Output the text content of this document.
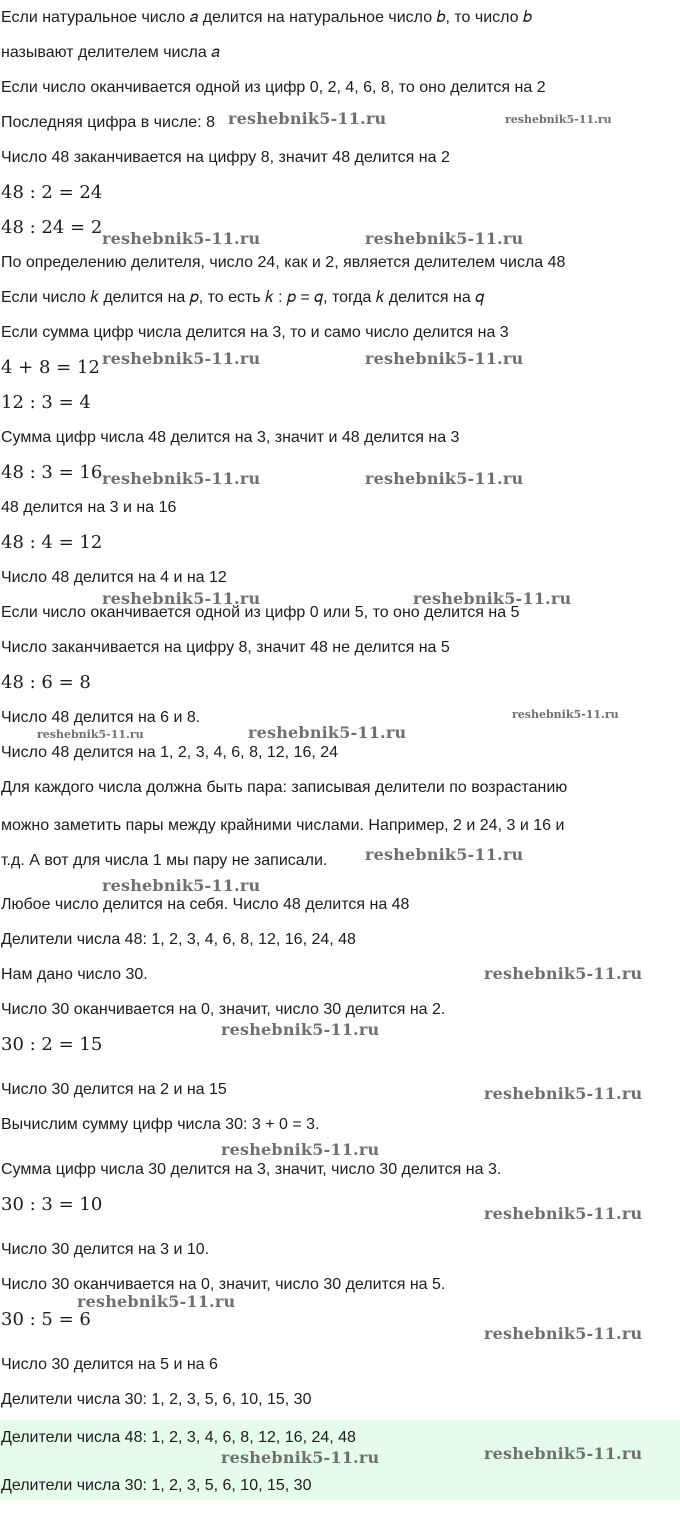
Если натуральное число 𝑎 делится на натуральное число 𝑏, то число 𝑏
называют делителем числа 𝑎
Если число оканчивается одной из цифр 0, 2, 4, 6, 8, то оно делится на 2
Последняя цифра в числе: 8
Число 48 заканчивается на цифру 8, значит 48 делится на 2
48 : 2 = 24
48 : 24 = 2
По определению делителя, число 24, как и 2, является делителем числа 48
Если число 𝑘 делится на 𝑝, то есть 𝑘 : 𝑝 = 𝑞, тогда 𝑘 делится на 𝑞
Если сумма цифр числа делится на 3, то и само число делится на 3
4 + 8 = 12
12 : 3 = 4
Сумма цифр числа 48 делится на 3, значит и 48 делится на 3
48 : 3 = 16
48 делится на 3 и на 16
48 : 4 = 12
Число 48 делится на 4 и на 12
Если число оканчивается одной из цифр 0 или 5, то оно делится на 5
Число заканчивается на цифру 8, значит 48 не делится на 5
48 : 6 = 8
Число 48 делится на 6 и 8.
Число 48 делится на 1, 2, 3, 4, 6, 8, 12, 16, 24
Для каждого числа должна быть пара: записывая делители по возрастанию
можно заметить пары между крайними числами. Например, 2 и 24, 3 и 16 и
т.д. А вот для числа 1 мы пару не записали.
Любое число делится на себя. Число 48 делится на 48
Делители числа 48: 1, 2, 3, 4, 6, 8, 12, 16, 24, 48
Нам дано число 30.
Число 30 оканчивается на 0, значит, число 30 делится на 2.
30 : 2 = 15
Число 30 делится на 2 и на 15
Вычислим сумму цифр числа 30: 3 + 0 = 3.
Сумма цифр числа 30 делится на 3, значит, число 30 делится на 3.
30 : 3 = 10
Число 30 делится на 3 и 10.
Число 30 оканчивается на 0, значит, число 30 делится на 5.
30 : 5 = 6
Число 30 делится на 5 и на 6
Делители числа 30: 1, 2, 3, 5, 6, 10, 15, 30
Делители числа 48: 1, 2, 3, 4, 6, 8, 12, 16, 24, 48
Делители числа 30: 1, 2, 3, 5, 6, 10, 15, 30
reshebnik5-11.ru	reshebnik5-11.ru
reshebnik5-11.ru	reshebnik5-11.ru
reshebnik5-11.ru	reshebnik5-11.ru
reshebnik5-11.ru	reshebnik5-11.ru
reshebnik5-11.ru	reshebnik5-11.ru
reshebnik5-11.ru
reshebnik5-11.ru	reshebnik5-11.ru
reshebnik5-11.ru
reshebnik5-11.ru
reshebnik5-11.ru
reshebnik5-11.ru
reshebnik5-11.ru
reshebnik5-11.ru
reshebnik5-11.ru
reshebnik5-11.ru
reshebnik5-11.ru
reshebnik5-11.ru
reshebnik5-11.ru
